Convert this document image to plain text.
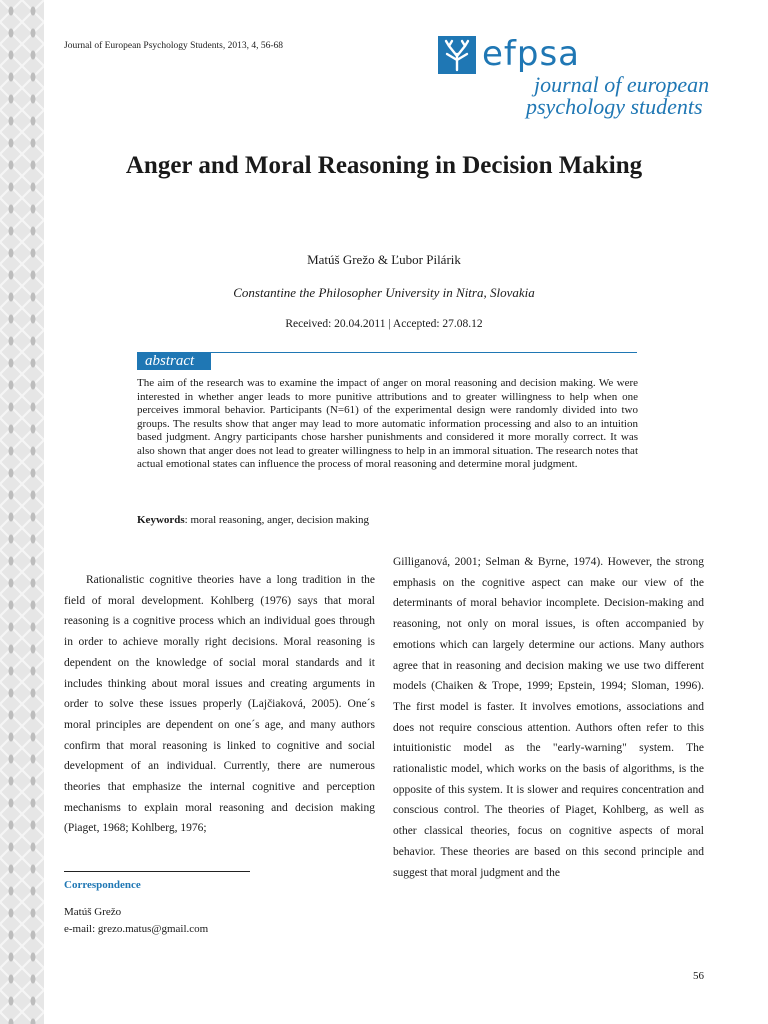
Journal of European Psychology Students, 2013, 4, 56-68	efpsa
journal of european
psychology students
Anger and Moral Reasoning in Decision Making
Matúš Grežo & Ľubor Pilárik
Constantine the Philosopher University in Nitra, Slovakia
Received: 20.04.2011 | Accepted: 27.08.12
abstract
The aim of the research was to examine the impact of anger on moral reasoning and decision making. We were interested in whether anger leads to more punitive attributions and to greater willingness to help when one perceives immoral behavior. Participants (N=61) of the experimental design were randomly divided into two groups. The results show that anger may lead to more automatic information processing and also to an intuition based judgment. Angry participants chose harsher punishments and considered it more morally correct. It was also shown that anger does not lead to greater willingness to help in an immoral situation. The research notes that actual emotional states can influence the process of moral reasoning and determine moral judgment.
Keywords: moral reasoning, anger, decision making
Rationalistic cognitive theories have a long tradition in the field of moral development. Kohlberg (1976) says that moral reasoning is a cognitive process which an individual goes through in order to achieve morally right decisions. Moral reasoning is dependent on the knowledge of social moral standards and it includes thinking about moral issues and creating arguments in order to solve these issues properly (Lajčiaková, 2005). One´s moral principles are dependent on one´s age, and many authors confirm that moral reasoning is linked to cognitive and social development of an individual. Currently, there are numerous theories that emphasize the internal cognitive and perception mechanisms to explain moral reasoning and decision making (Piaget, 1968; Kohlberg, 1976;
Gilliganová, 2001; Selman & Byrne, 1974). However, the strong emphasis on the cognitive aspect can make our view of the determinants of moral behavior incomplete. Decision-making and reasoning, not only on moral issues, is often accompanied by emotions which can largely determine our actions. Many authors agree that in reasoning and decision making we use two different models (Chaiken & Trope, 1999; Epstein, 1994; Sloman, 1996). The first model is faster. It involves emotions, associations and does not require conscious attention. Authors often refer to this intuitionistic model as the "early-warning" system. The rationalistic model, which works on the basis of algorithms, is the opposite of this system. It is slower and requires concentration and conscious control. The theories of Piaget, Kohlberg, as well as other classical theories, focus on cognitive aspects of moral behavior. These theories are based on this second principle and suggest that moral judgment and the
Correspondence
Matúš Grežo
e-mail: grezo.matus@gmail.com
56
